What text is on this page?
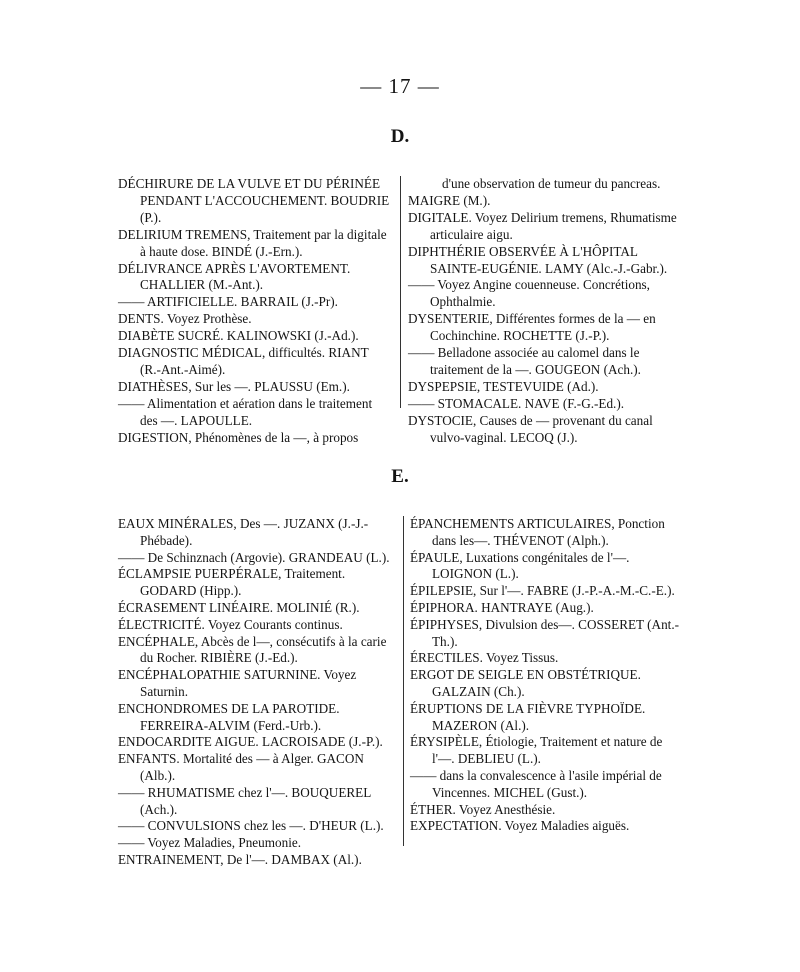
— 17 —
D.

DÉCHIRURE DE LA VULVE ET DU PÉRINÉE PENDANT L'ACCOUCHEMENT. BOUDRIE (P.).

DELIRIUM TREMENS, Traitement par la digitale à haute dose. BINDÉ (J.-Ern.).

DÉLIVRANCE APRÈS L'AVORTEMENT. CHALLIER (M.-Ant.).

—— ARTIFICIELLE. BARRAIL (J.-Pr).

DENTS. Voyez Prothèse.

DIABÈTE SUCRÉ. KALINOWSKI (J.-Ad.).

DIAGNOSTIC MÉDICAL, difficultés. RIANT (R.-Ant.-Aimé).

DIATHÈSES, Sur les —. PLAUSSU (Em.).

—— Alimentation et aération dans le traitement des —. LAPOULLE.

DIGESTION, Phénomènes de la —, à propos

d'une observation de tumeur du pancreas. MAIGRE (M.).

DIGITALE. Voyez Delirium tremens, Rhumatisme articulaire aigu.

DIPHTHÉRIE OBSERVÉE À L'HÔPITAL SAINTE-EUGÉNIE. LAMY (Alc.-J.-Gabr.).

—— Voyez Angine couenneuse. Concrétions, Ophthalmie.

DYSENTERIE, Différentes formes de la — en Cochinchine. ROCHETTE (J.-P.).

—— Belladone associée au calomel dans le traitement de la —. GOUGEON (Ach.).

DYSPEPSIE, TESTEVUIDE (Ad.).

—— STOMACALE. NAVE (F.-G.-Ed.).

DYSTOCIE, Causes de — provenant du canal vulvo-vaginal. LECOQ (J.).

E.

EAUX MINÉRALES, Des —. JUZANX (J.-J.-Phébade).

—— De Schinznach (Argovie). GRANDEAU (L.).

ÉCLAMPSIE PUERPÉRALE, Traitement. GODARD (Hipp.).

ÉCRASEMENT LINÉAIRE. MOLINIÉ (R.).

ÉLECTRICITÉ. Voyez Courants continus.

ENCÉPHALE, Abcès de l—, consécutifs à la carie du Rocher. RIBIÈRE (J.-Ed.).

ENCÉPHALOPATHIE SATURNINE. Voyez Saturnin.

ENCHONDROMES DE LA PAROTIDE. FERREIRA-ALVIM (Ferd.-Urb.).

ENDOCARDITE AIGUE. LACROISADE (J.-P.).

ENFANTS. Mortalité des — à Alger. GACON (Alb.).

—— RHUMATISME chez l'—. BOUQUEREL (Ach.).

—— CONVULSIONS chez les —. D'HEUR (L.).

—— Voyez Maladies, Pneumonie.

ENTRAINEMENT, De l'—. DAMBAX (Al.).

ÉPANCHEMENTS ARTICULAIRES, Ponction dans les—. THÉVENOT (Alph.).

ÉPAULE, Luxations congénitales de l'—. LOIGNON (L.).

ÉPILEPSIE, Sur l'—. FABRE (J.-P.-A.-M.-C.-E.).

ÉPIPHORA. HANTRAYE (Aug.).

ÉPIPHYSES, Divulsion des—. COSSERET (Ant.-Th.).

ÉRECTILES. Voyez Tissus.

ERGOT DE SEIGLE EN OBSTÉTRIQUE. GALZAIN (Ch.).

ÉRUPTIONS DE LA FIÈVRE TYPHOÏDE. MAZERON (Al.).

ÉRYSIPÈLE, Étiologie, Traitement et nature de l'—. DEBLIEU (L.).

—— dans la convalescence à l'asile impérial de Vincennes. MICHEL (Gust.).

ÉTHER. Voyez Anesthésie.

EXPECTATION. Voyez Maladies aiguës.
